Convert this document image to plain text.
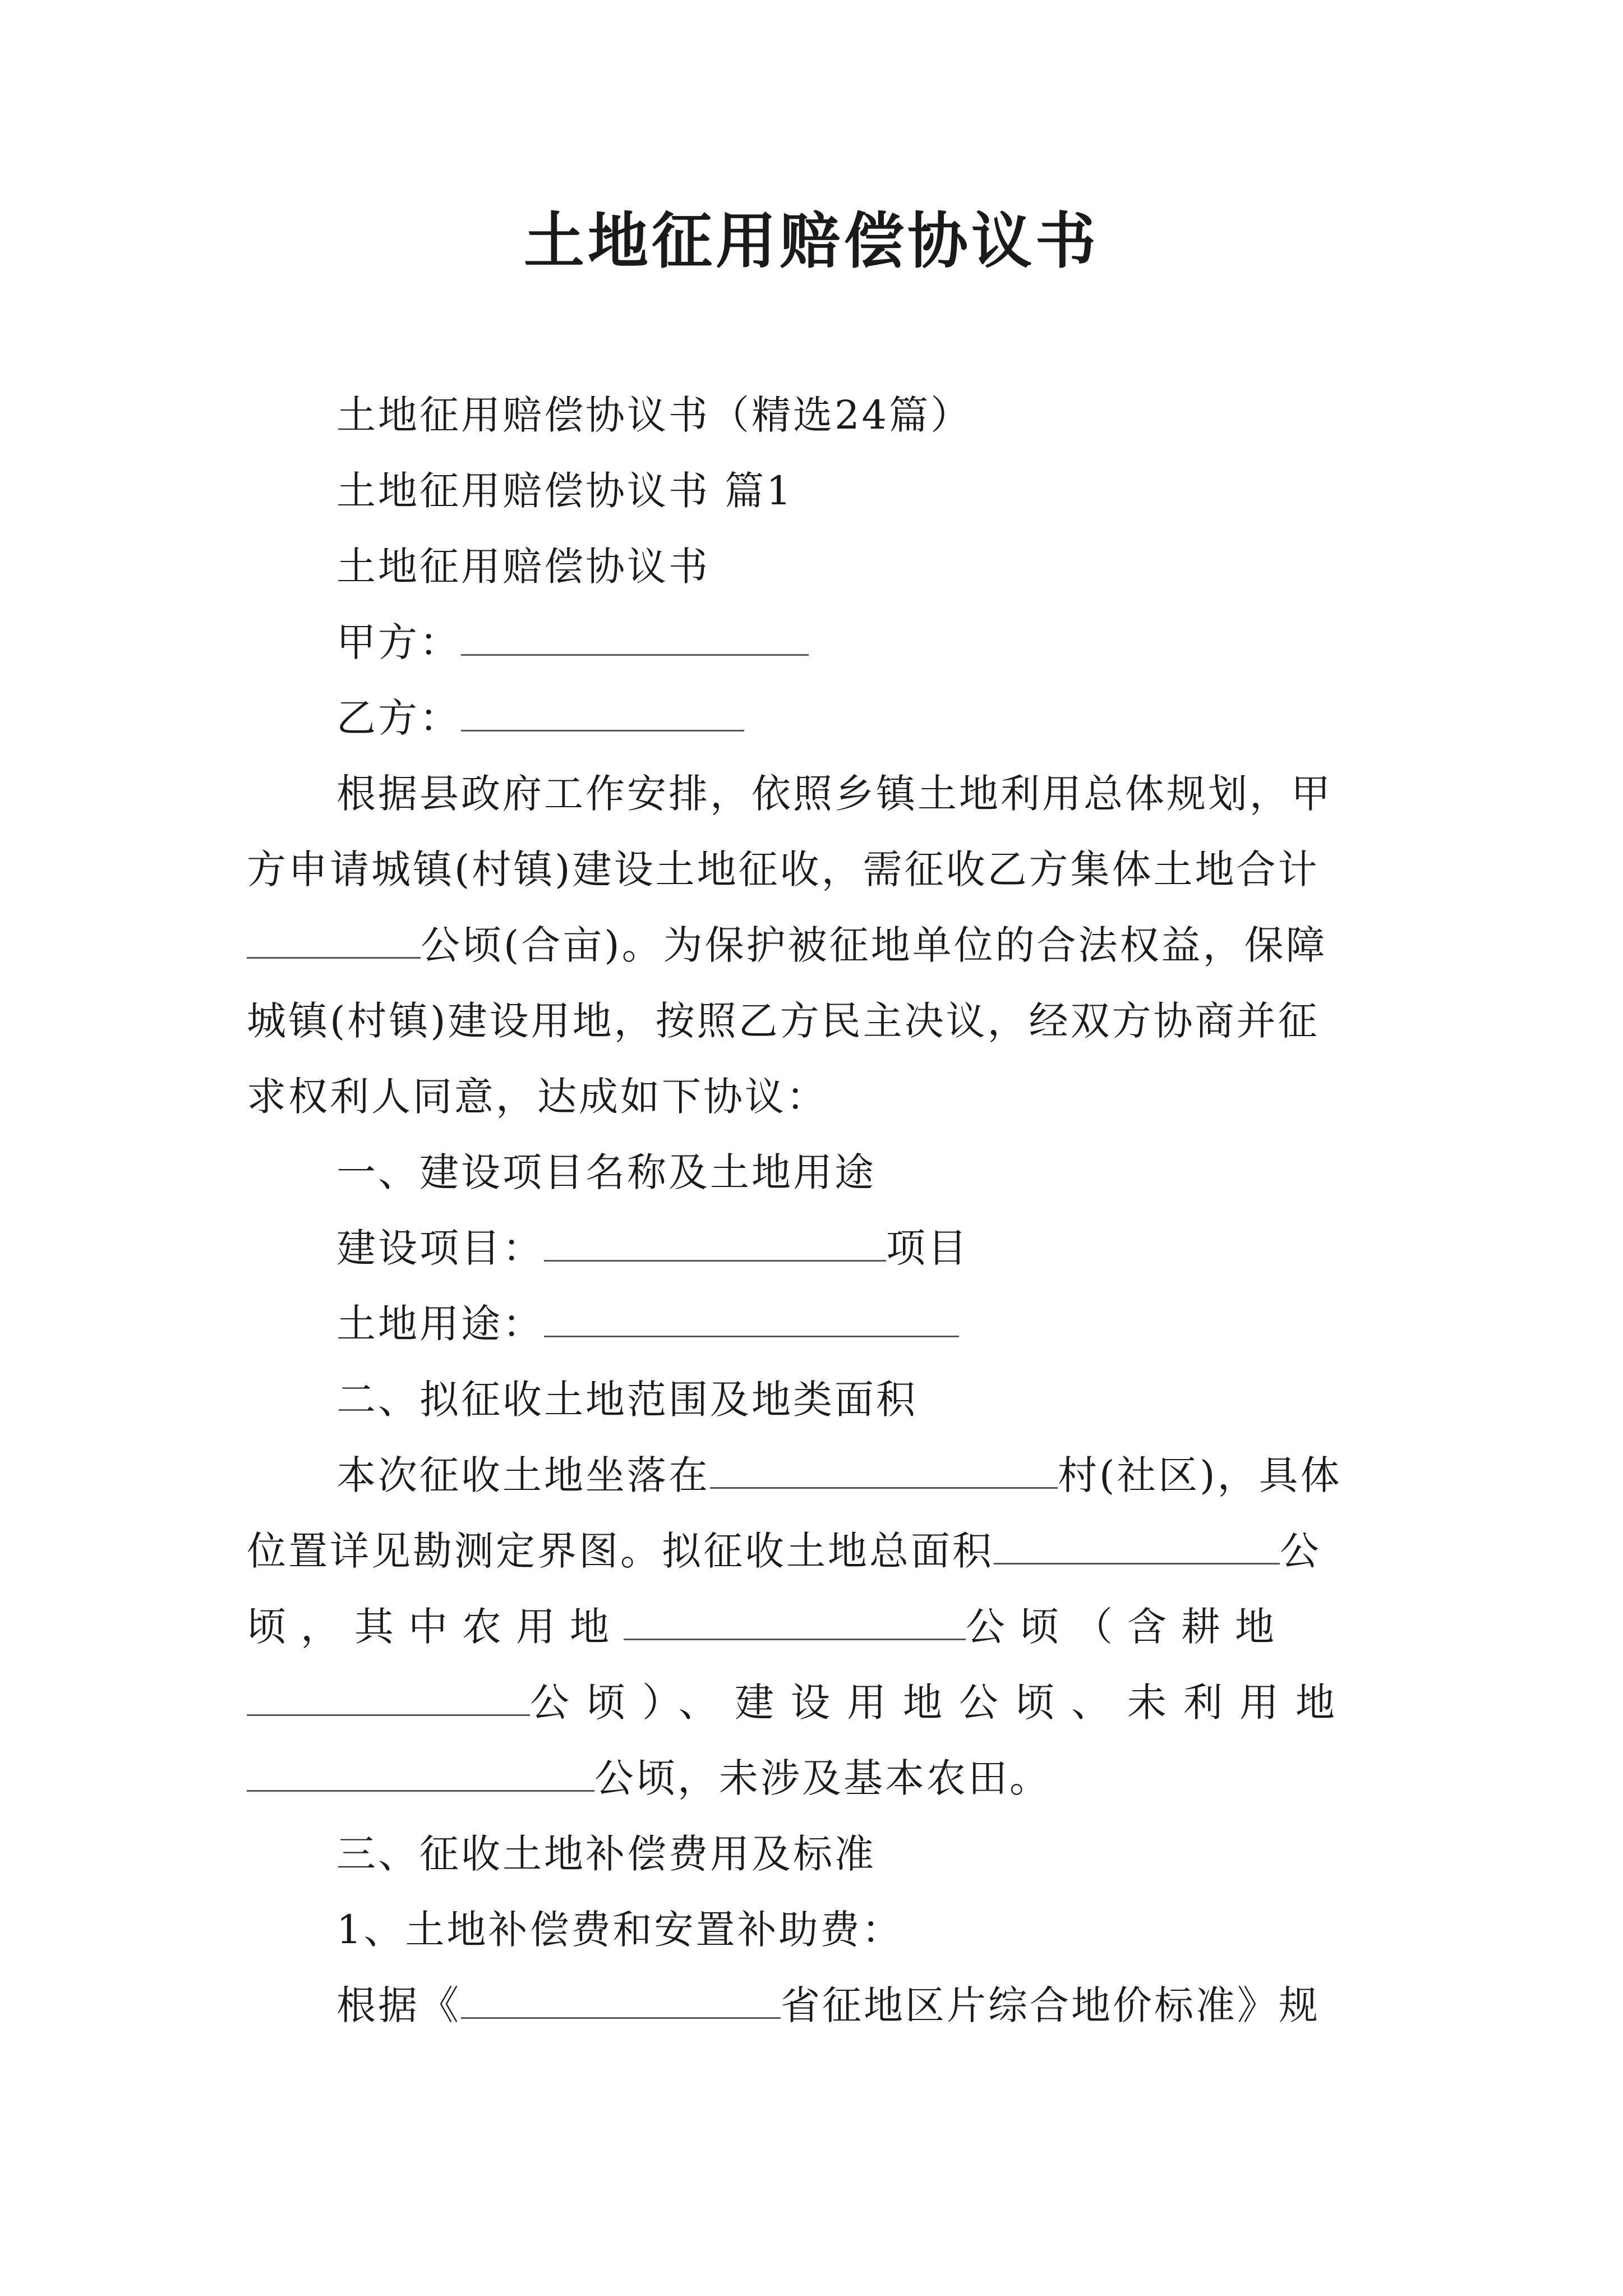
土地征用赔偿协议书
土地征用赔偿协议书（精选24篇）
土地征用赔偿协议书 篇1
土地征用赔偿协议书
甲方：
乙方：
根据县政府工作安排，依照乡镇土地利用总体规划，甲
方申请城镇(村镇)建设土地征收，需征收乙方集体土地合计
公顷(合亩)。为保护被征地单位的合法权益，保障
城镇(村镇)建设用地，按照乙方民主决议，经双方协商并征
求权利人同意，达成如下协议：
一、建设项目名称及土地用途
建设项目：	项目
土地用途：
二、拟征收土地范围及地类面积
本次征收土地坐落在	村(社区)，具体
位置详见勘测定界图。拟征收土地总面积	公
顷，其中农用地	公顷（含耕地
公顷）、建设用地公顷、未利用地
公顷，未涉及基本农田。
三、征收土地补偿费用及标准
1、土地补偿费和安置补助费：
根据《	省征地区片综合地价标准》规
